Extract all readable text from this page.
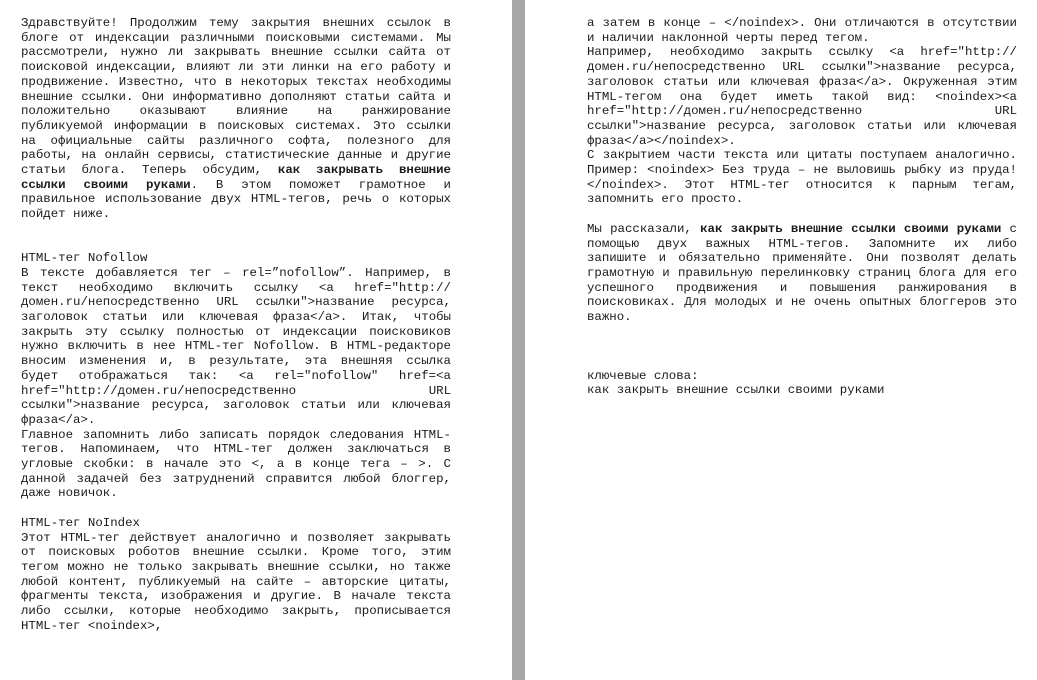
Здравствуйте! Продолжим тему закрытия внешних ссылок в блоге от индексации различными поисковыми системами. Мы рассмотрели, нужно ли закрывать внешние ссылки сайта от поисковой индексации, влияют ли эти линки на его работу и продвижение. Известно, что в некоторых текстах необходимы внешние ссылки. Они информативно дополняют статьи сайта и положительно оказывают влияние на ранжирование публикуемой информации в поисковых системах. Это ссылки на официальные сайты различного софта, полезного для работы, на онлайн сервисы, статистические данные и другие статьи блога. Теперь обсудим, как закрывать внешние ссылки своими руками. В этом поможет грамотное и правильное использование двух HTML-тегов, речь о которых пойдет ниже.

HTML-тег Nofollow

В тексте добавляется тег – rel=”nofollow”. Например, в текст необходимо включить ссылку <a href="http://домен.ru/непосредственно URL ссылки">название ресурса, заголовок статьи или ключевая фраза</a>. Итак, чтобы закрыть эту ссылку полностью от индексации поисковиков нужно включить в нее HTML-тег Nofollow. В HTML-редакторе вносим изменения и, в результате, эта внешняя ссылка будет отображаться так: <a rel="nofollow" href=<a href="http://домен.ru/непосредственно URL ссылки">название ресурса, заголовок статьи или ключевая фраза</a>.

Главное запомнить либо записать порядок следования HTML-тегов. Напоминаем, что HTML-тег должен заключаться в угловые скобки: в начале это <, а в конце тега – >. С данной задачей без затруднений справится любой блоггер, даже новичок.

HTML-тег NoIndex

Этот HTML-тег действует аналогично и позволяет закрывать от поисковых роботов внешние ссылки. Кроме того, этим тегом можно не только закрывать внешние ссылки, но также любой контент, публикуемый на сайте – авторские цитаты, фрагменты текста, изображения и другие. В начале текста либо ссылки, которые необходимо закрыть, прописывается HTML-тег <noindex>,

а затем в конце – </noindex>. Они отличаются в отсутствии и наличии наклонной черты перед тегом.

Например, необходимо закрыть ссылку <a href="http://домен.ru/непосредственно URL ссылки">название ресурса, заголовок статьи или ключевая фраза</a>. Окруженная этим HTML-тегом она будет иметь такой вид: <noindex><a href="http://домен.ru/непосредственно URL ссылки">название ресурса, заголовок статьи или ключевая фраза</a></noindex>.

С закрытием части текста или цитаты поступаем аналогично. Пример: <noindex> Без труда – не выловишь рыбку из пруда!</noindex>. Этот HTML-тег относится к парным тегам, запомнить его просто.

Мы рассказали, как закрыть внешние ссылки своими руками с помощью двух важных HTML-тегов. Запомните их либо запишите и обязательно применяйте. Они позволят делать грамотную и правильную перелинковку страниц блога для его успешного продвижения и повышения ранжирования в поисковиках. Для молодых и не очень опытных блоггеров это важно.

ключевые слова:

как закрыть внешние ссылки своими руками
